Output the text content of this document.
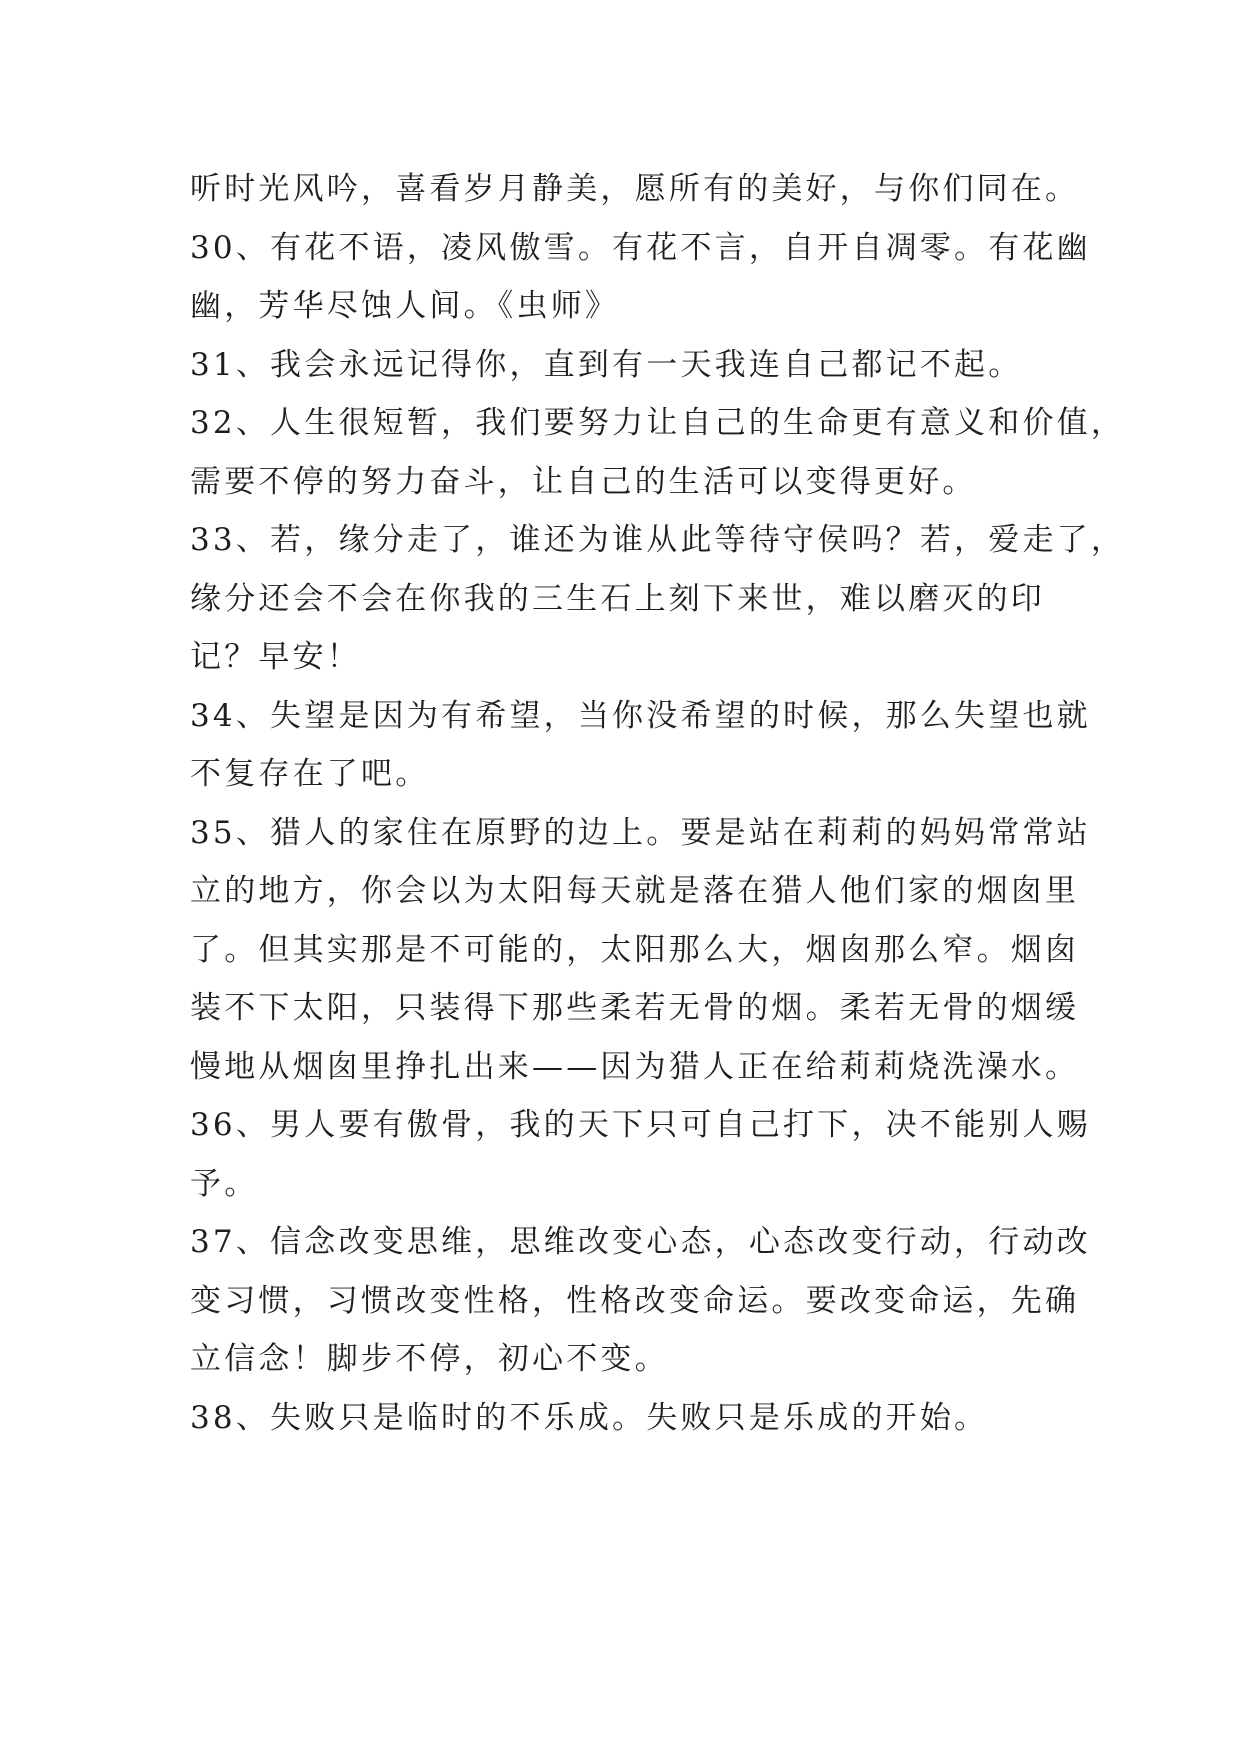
听时光风吟，喜看岁月静美，愿所有的美好，与你们同在。
30、有花不语，凌风傲雪。有花不言，自开自凋零。有花幽
幽，芳华尽蚀人间。《虫师》
31、我会永远记得你，直到有一天我连自己都记不起。
32、人生很短暂，我们要努力让自己的生命更有意义和价值，
需要不停的努力奋斗，让自己的生活可以变得更好。
33、若，缘分走了，谁还为谁从此等待守侯吗？若，爱走了，
缘分还会不会在你我的三生石上刻下来世，难以磨灭的印
记？早安！
34、失望是因为有希望，当你没希望的时候，那么失望也就
不复存在了吧。
35、猎人的家住在原野的边上。要是站在莉莉的妈妈常常站
立的地方，你会以为太阳每天就是落在猎人他们家的烟囱里
了。但其实那是不可能的，太阳那么大，烟囱那么窄。烟囱
装不下太阳，只装得下那些柔若无骨的烟。柔若无骨的烟缓
慢地从烟囱里挣扎出来——因为猎人正在给莉莉烧洗澡水。
36、男人要有傲骨，我的天下只可自己打下，决不能别人赐
予。
37、信念改变思维，思维改变心态，心态改变行动，行动改
变习惯，习惯改变性格，性格改变命运。要改变命运，先确
立信念！脚步不停，初心不变。
38、失败只是临时的不乐成。失败只是乐成的开始。
